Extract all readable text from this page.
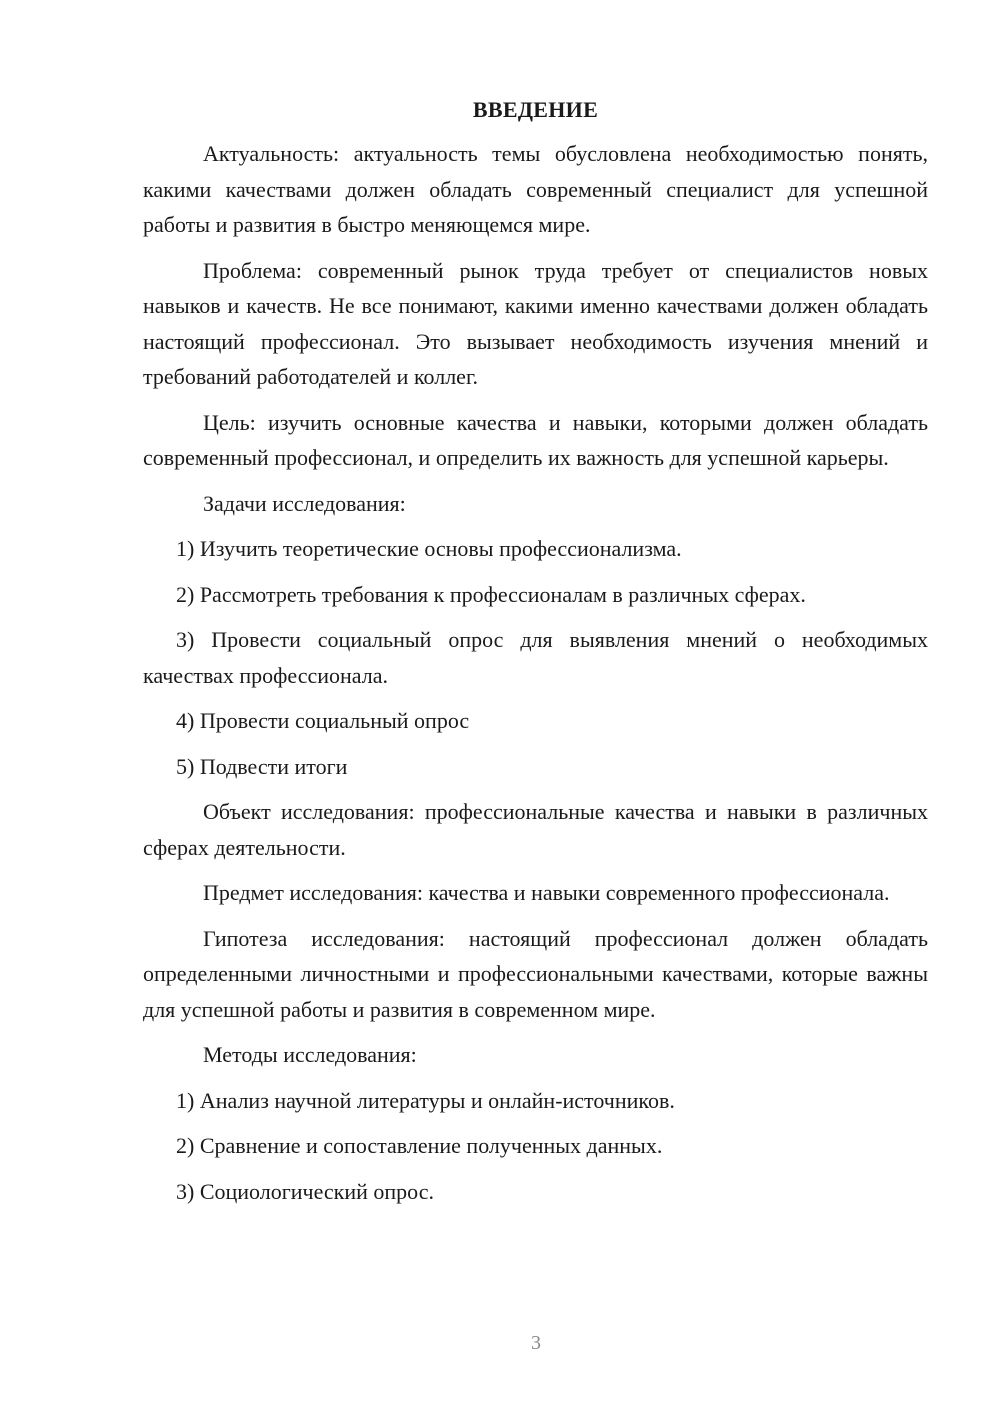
ВВЕДЕНИЕ

Актуальность: актуальность темы обусловлена необходимостью понять, какими качествами должен обладать современный специалист для успешной работы и развития в быстро меняющемся мире.

Проблема: современный рынок труда требует от специалистов новых навыков и качеств. Не все понимают, какими именно качествами должен обладать настоящий профессионал. Это вызывает необходимость изучения мнений и требований работодателей и коллег.

Цель: изучить основные качества и навыки, которыми должен обладать современный профессионал, и определить их важность для успешной карьеры.

Задачи исследования:

1) Изучить теоретические основы профессионализма.

2) Рассмотреть требования к профессионалам в различных сферах.

3) Провести социальный опрос для выявления мнений о необходимых качествах профессионала.

4) Провести социальный опрос

5) Подвести итоги

Объект исследования: профессиональные качества и навыки в различных сферах деятельности.

Предмет исследования: качества и навыки современного профессионала.

Гипотеза исследования: настоящий профессионал должен обладать определенными личностными и профессиональными качествами, которые важны для успешной работы и развития в современном мире.

Методы исследования:

1) Анализ научной литературы и онлайн-источников.

2) Сравнение и сопоставление полученных данных.

3) Социологический опрос.

3
